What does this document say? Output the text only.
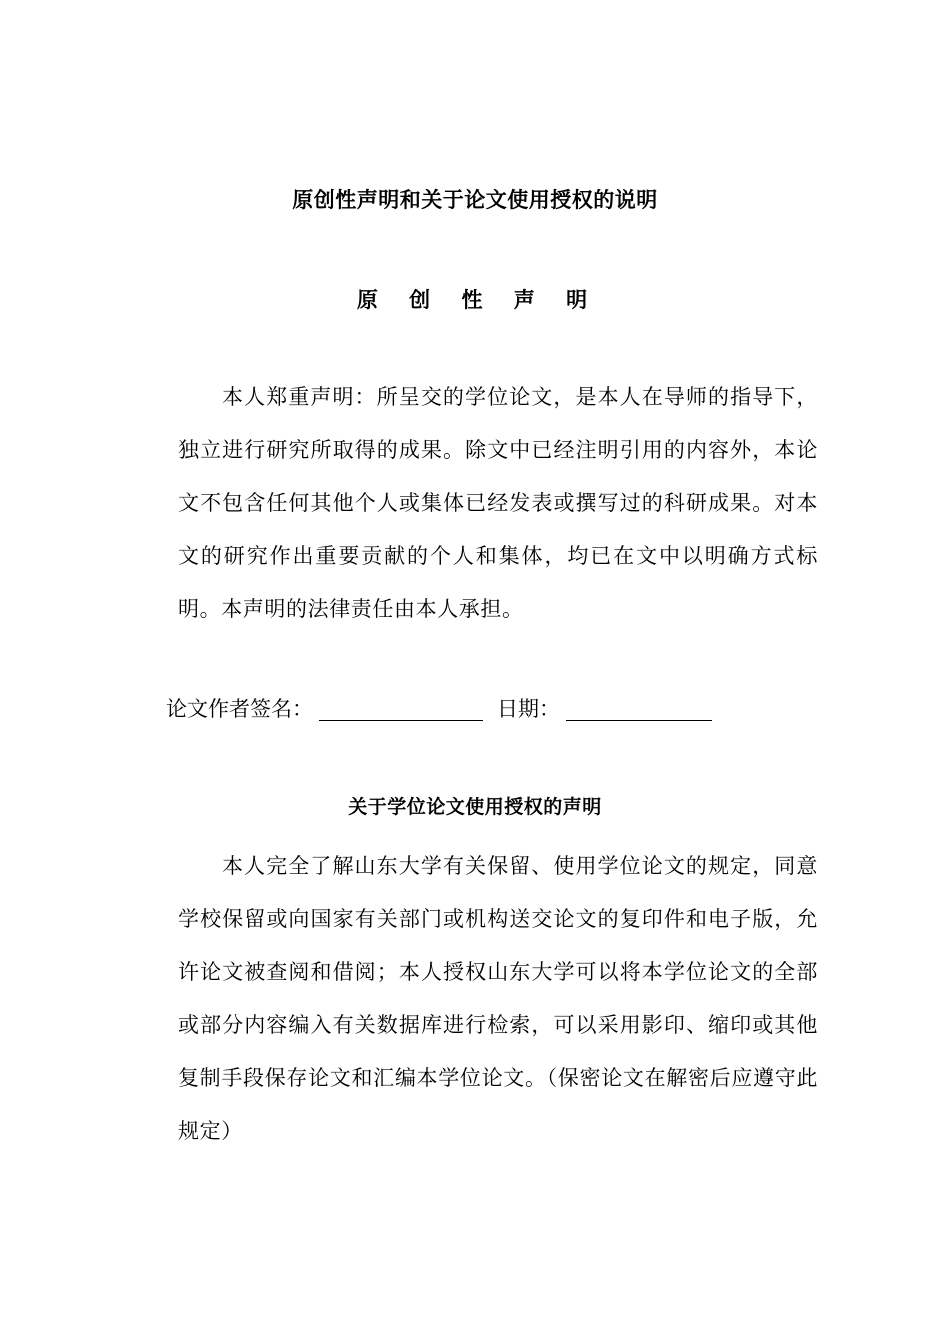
原创性声明和关于论文使用授权的说明
原 创 性 声 明

本人郑重声明：所呈交的学位论文，是本人在导师的指导下，独立进行研究所取得的成果。除文中已经注明引用的内容外，本论文不包含任何其他个人或集体已经发表或撰写过的科研成果。对本文的研究作出重要贡献的个人和集体，均已在文中以明确方式标明。本声明的法律责任由本人承担。

论文作者签名：	日期：
关于学位论文使用授权的声明

本人完全了解山东大学有关保留、使用学位论文的规定，同意学校保留或向国家有关部门或机构送交论文的复印件和电子版，允许论文被查阅和借阅；本人授权山东大学可以将本学位论文的全部或部分内容编入有关数据库进行检索，可以采用影印、缩印或其他复制手段保存论文和汇编本学位论文。（保密论文在解密后应遵守此规定）
